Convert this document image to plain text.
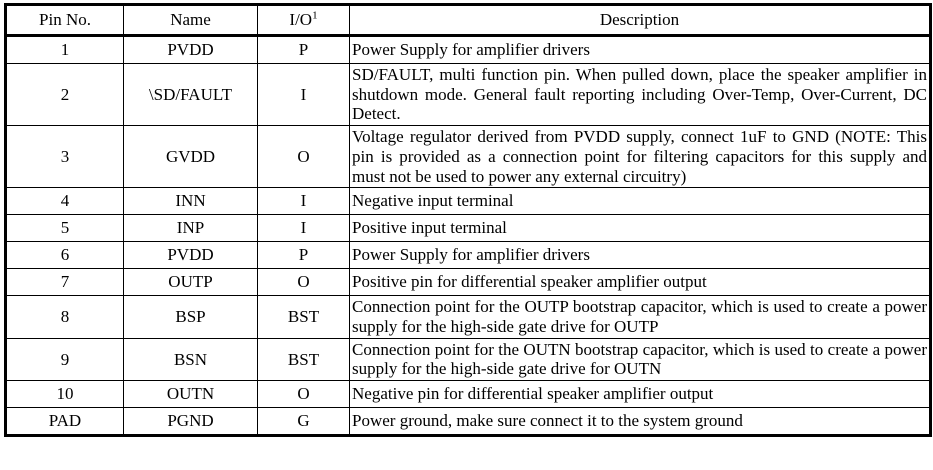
Pin No.	Name	$I/O^1$	Description
1	PVDD	P	Power Supply for amplifier drivers
2	\SD/FAULT	I	SD/FAULT, multi function pin. When pulled down, place the speaker amplifier in shutdown mode. General fault reporting including Over-Temp, Over-Current, DC Detect.
3	GVDD	O	Voltage regulator derived from PVDD supply, connect 1uF to GND (NOTE: This pin is provided as a connection point for filtering capacitors for this supply and must not be used to power any external circuitry)
4	INN	I	Negative input terminal
5	INP	I	Positive input terminal
6	PVDD	P	Power Supply for amplifier drivers
7	OUTP	O	Positive pin for differential speaker amplifier output
8	BSP	BST	Connection point for the OUTP bootstrap capacitor, which is used to create a power supply for the high-side gate drive for OUTP
9	BSN	BST	Connection point for the OUTN bootstrap capacitor, which is used to create a power supply for the high-side gate drive for OUTN
10	OUTN	O	Negative pin for differential speaker amplifier output
PAD	PGND	G	Power ground, make sure connect it to the system ground
